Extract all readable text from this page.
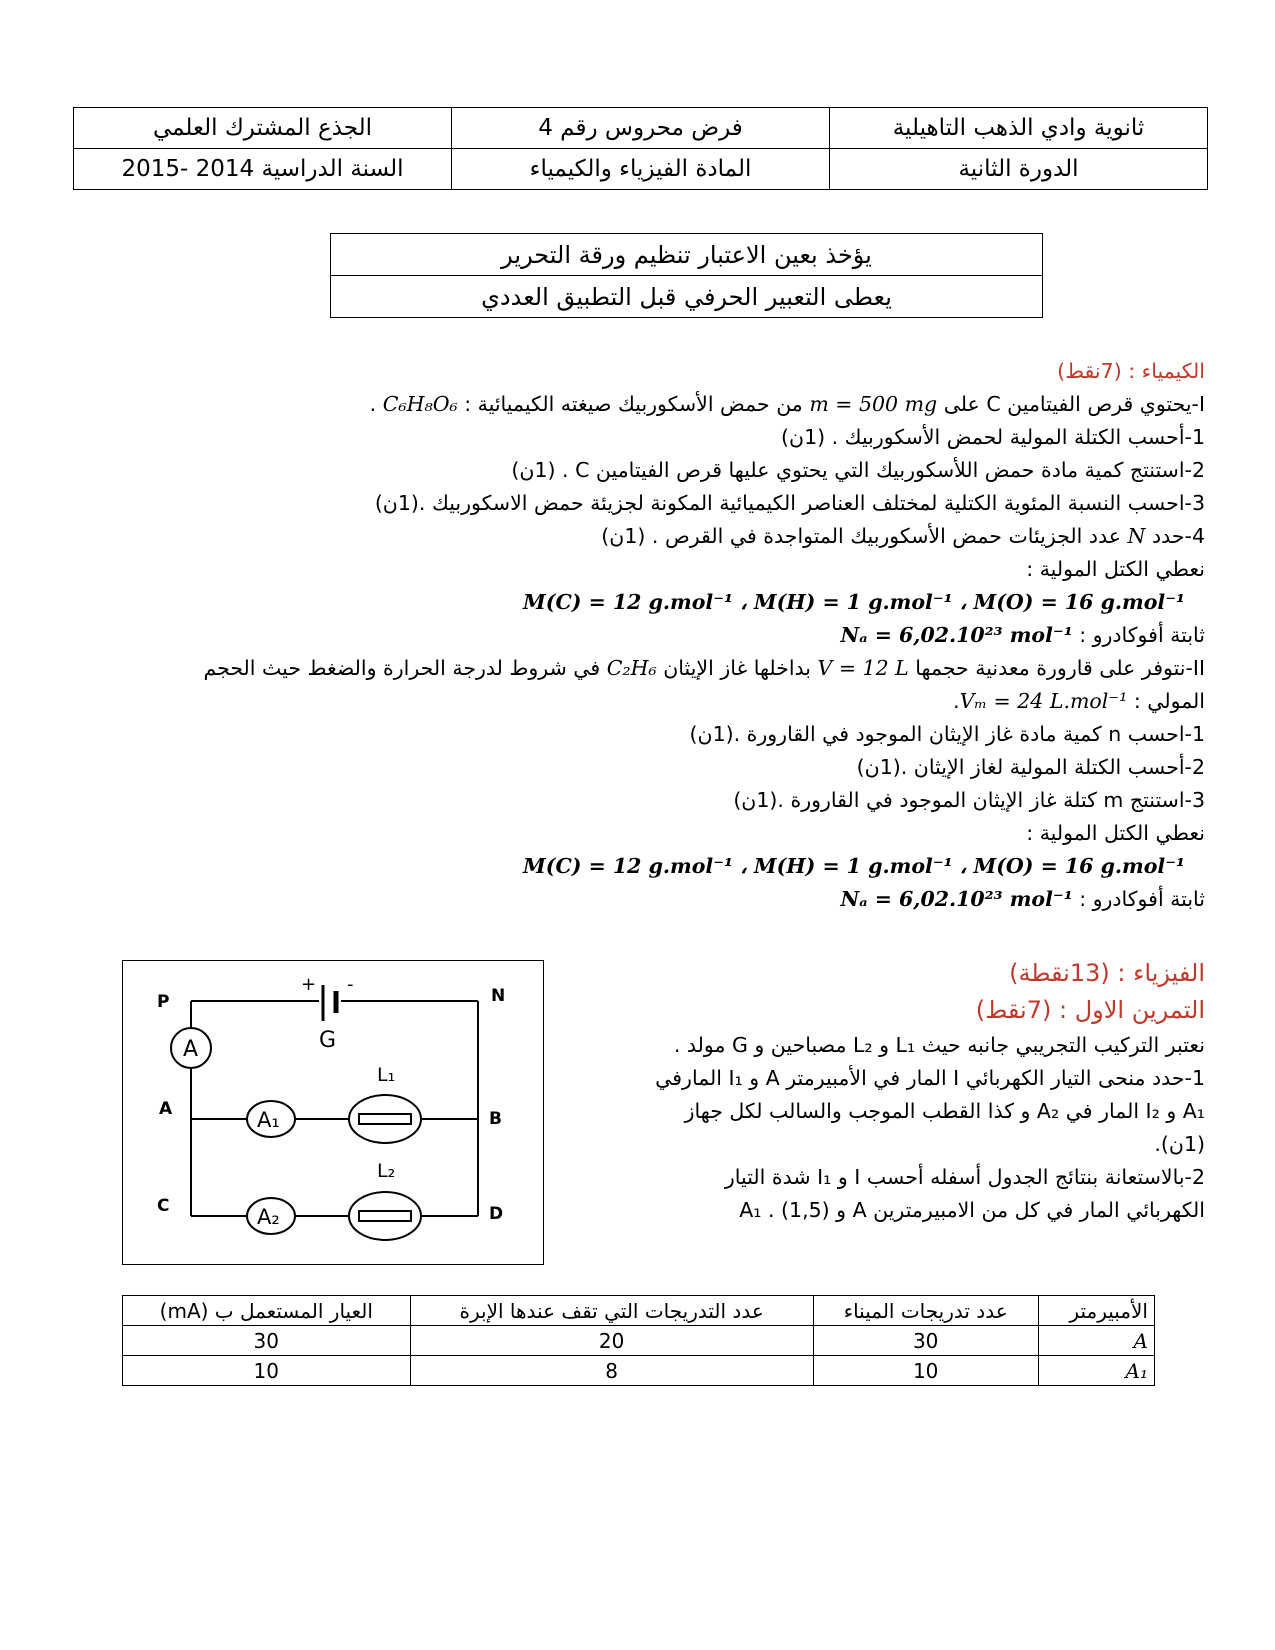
ثانوية وادي الذهب التاهيلية	فرض محروس رقم 4	الجذع المشترك العلمي
الدورة الثانية	المادة الفيزياء والكيمياء	السنة الدراسية 2014 -2015
يؤخذ بعين الاعتبار تنظيم ورقة التحرير
يعطى التعبير الحرفي قبل التطبيق العددي
الكيمياء : (7نقط)
I-يحتوي قرص الفيتامين C على m = 500 mg من حمض الأسكوربيك صيغته الكيميائية : C₆H₈O₆ .
1-أحسب الكتلة المولية لحمض الأسكوربيك . (1ن)
2-استنتج كمية مادة حمض اللأسكوربيك التي يحتوي عليها قرص الفيتامين C . (1ن)
3-احسب النسبة المئوية الكتلية لمختلف العناصر الكيميائية المكونة لجزيئة حمض الاسكوربيك .(1ن)
4-حدد N عدد الجزيئات حمض الأسكوربيك المتواجدة في القرص . (1ن)
نعطي الكتل المولية :
M(C) = 12 g.mol⁻¹ ، M(H) = 1 g.mol⁻¹ ، M(O) = 16 g.mol⁻¹
ثابتة أفوكادرو : Nₐ = 6,02.10²³ mol⁻¹
II-نتوفر على قارورة معدنية حجمها V = 12 L بداخلها غاز الإيثان C₂H₆ في شروط لدرجة الحرارة والضغط حيث الحجم
المولي : Vₘ = 24 L.mol⁻¹.
1-احسب n كمية مادة غاز الإيثان الموجود في القارورة .(1ن)
2-أحسب الكتلة المولية لغاز الإيثان .(1ن)
3-استنتج m كتلة غاز الإيثان الموجود في القارورة .(1ن)
نعطي الكتل المولية :
M(C) = 12 g.mol⁻¹ ، M(H) = 1 g.mol⁻¹ ، M(O) = 16 g.mol⁻¹
ثابتة أفوكادرو : Nₐ = 6,02.10²³ mol⁻¹
الفيزياء : (13نقطة)
التمرين الاول : (7نقط)
نعتبر التركيب التجريبي جانبه حيث L₁ و L₂ مصباحين و G مولد .
1-حدد منحى التيار الكهربائي I المار في الأمبيرمتر A و I₁ المارفي
A₁ و I₂ المار في A₂ و كذا القطب الموجب والسالب لكل جهاز
(1ن).
2-بالاستعانة بنتائج الجدول أسفله أحسب I و I₁ شدة التيار
الكهربائي المار في كل من الامبيرمترين A و A₁ . (1,5)
P	N
A	B
C	D
+ -
G
A
A₁
A₂
L₁
L₂
الأمبيرمتر	عدد تدريجات الميناء	عدد التدريجات التي تقف عندها الإبرة	العيار المستعمل ب (mA)
A	30	20	30
A₁	10	8	10
